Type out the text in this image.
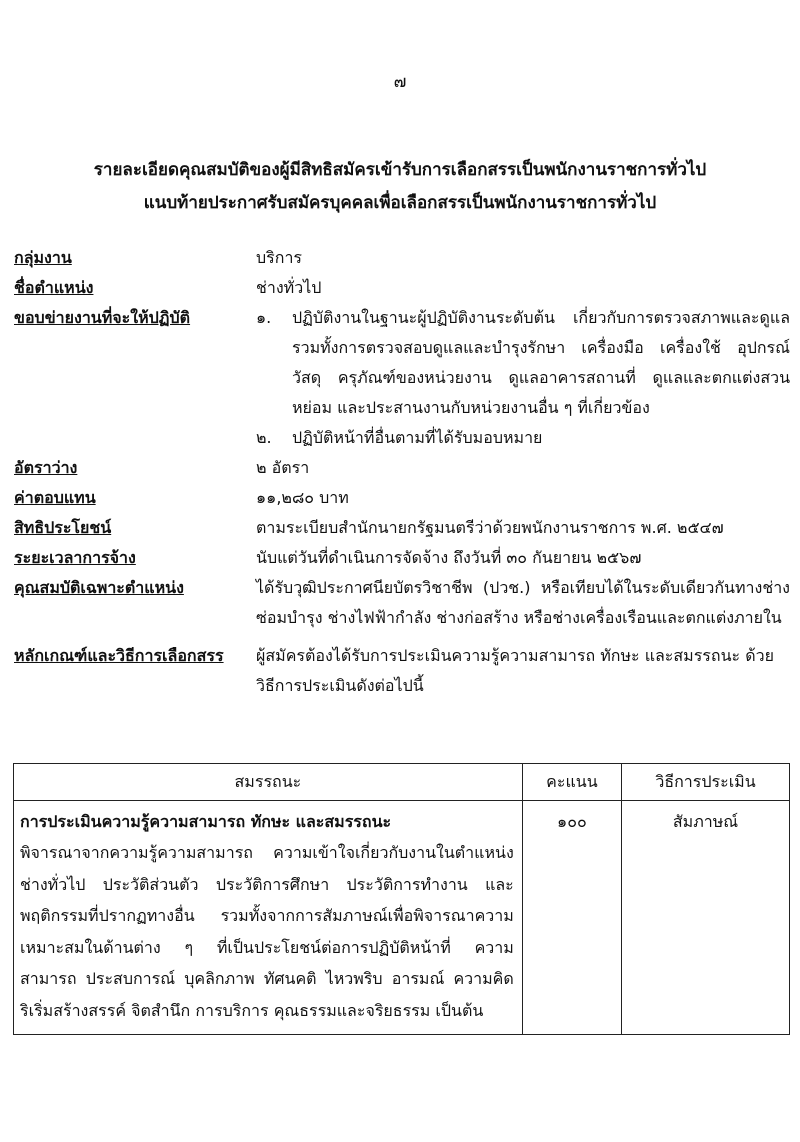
๗
รายละเอียดคุณสมบัติของผู้มีสิทธิสมัครเข้ารับการเลือกสรรเป็นพนักงานราชการทั่วไป
แนบท้ายประกาศรับสมัครบุคคลเพื่อเลือกสรรเป็นพนักงานราชการทั่วไป
กลุ่มงาน	บริการ
ชื่อตำแหน่ง	ช่างทั่วไป
ขอบข่ายงานที่จะให้ปฏิบัติ	๑.	ปฏิบัติงานในฐานะผู้ปฏิบัติงานระดับต้น เกี่ยวกับการตรวจสภาพและดูแล รวมทั้งการตรวจสอบดูแลและบำรุงรักษา เครื่องมือ เครื่องใช้ อุปกรณ์ วัสดุ ครุภัณฑ์ของหน่วยงาน ดูแลอาคารสถานที่ ดูแลและตกแต่งสวนหย่อม และประสานงานกับหน่วยงานอื่น ๆ ที่เกี่ยวข้อง
๒.	ปฏิบัติหน้าที่อื่นตามที่ได้รับมอบหมาย
อัตราว่าง	๒ อัตรา
ค่าตอบแทน	๑๑,๒๘๐ บาท
สิทธิประโยชน์	ตามระเบียบสำนักนายกรัฐมนตรีว่าด้วยพนักงานราชการ พ.ศ. ๒๕๔๗
ระยะเวลาการจ้าง	นับแต่วันที่ดำเนินการจัดจ้าง ถึงวันที่ ๓๐ กันยายน ๒๕๖๗
คุณสมบัติเฉพาะตำแหน่ง	ได้รับวุฒิประกาศนียบัตรวิชาชีพ (ปวช.) หรือเทียบได้ในระดับเดียวกันทางช่างซ่อมบำรุง ช่างไฟฟ้ากำลัง ช่างก่อสร้าง หรือช่างเครื่องเรือนและตกแต่งภายใน
หลักเกณฑ์และวิธีการเลือกสรร	ผู้สมัครต้องได้รับการประเมินความรู้ความสามารถ ทักษะ และสมรรถนะ ด้วยวิธีการประเมินดังต่อไปนี้
สมรรถนะ	คะแนน	วิธีการประเมิน

การประเมินความรู้ความสามารถ ทักษะ และสมรรถนะ
พิจารณาจากความรู้ความสามารถ ความเข้าใจเกี่ยวกับงานในตำแหน่งช่างทั่วไป ประวัติส่วนตัว ประวัติการศึกษา ประวัติการทำงาน และพฤติกรรมที่ปรากฏทางอื่น รวมทั้งจากการสัมภาษณ์เพื่อพิจารณาความเหมาะสมในด้านต่าง ๆ ที่เป็นประโยชน์ต่อการปฏิบัติหน้าที่ ความสามารถ ประสบการณ์ บุคลิกภาพ ทัศนคติ ไหวพริบ อารมณ์ ความคิดริเริ่มสร้างสรรค์ จิตสำนึก การบริการ คุณธรรมและจริยธรรม เป็นต้น	๑๐๐	สัมภาษณ์
